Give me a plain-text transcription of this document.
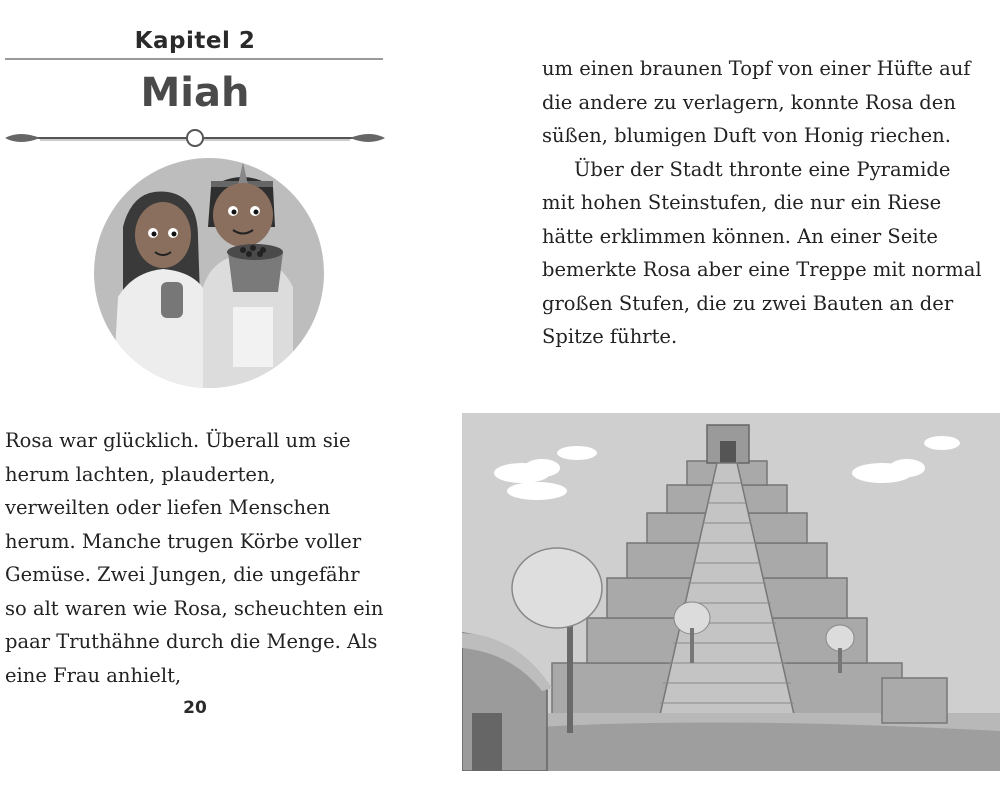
Kapitel 2
Miah

Rosa war glücklich. Überall um sie herum lachten, plauderten, verweilten oder liefen Menschen herum. Manche trugen Körbe voller Gemüse. Zwei Jungen, die ungefähr so alt waren wie Rosa, scheuchten ein paar Truthähne durch die Menge. Als eine Frau anhielt,

20

um einen braunen Topf von einer Hüfte auf die andere zu verlagern, konnte Rosa den süßen, blumigen Duft von Honig riechen.

Über der Stadt thronte eine Pyramide mit hohen Steinstufen, die nur ein Riese hätte erklimmen können. An einer Seite bemerkte Rosa aber eine Treppe mit normal großen Stufen, die zu zwei Bauten an der Spitze führte.
